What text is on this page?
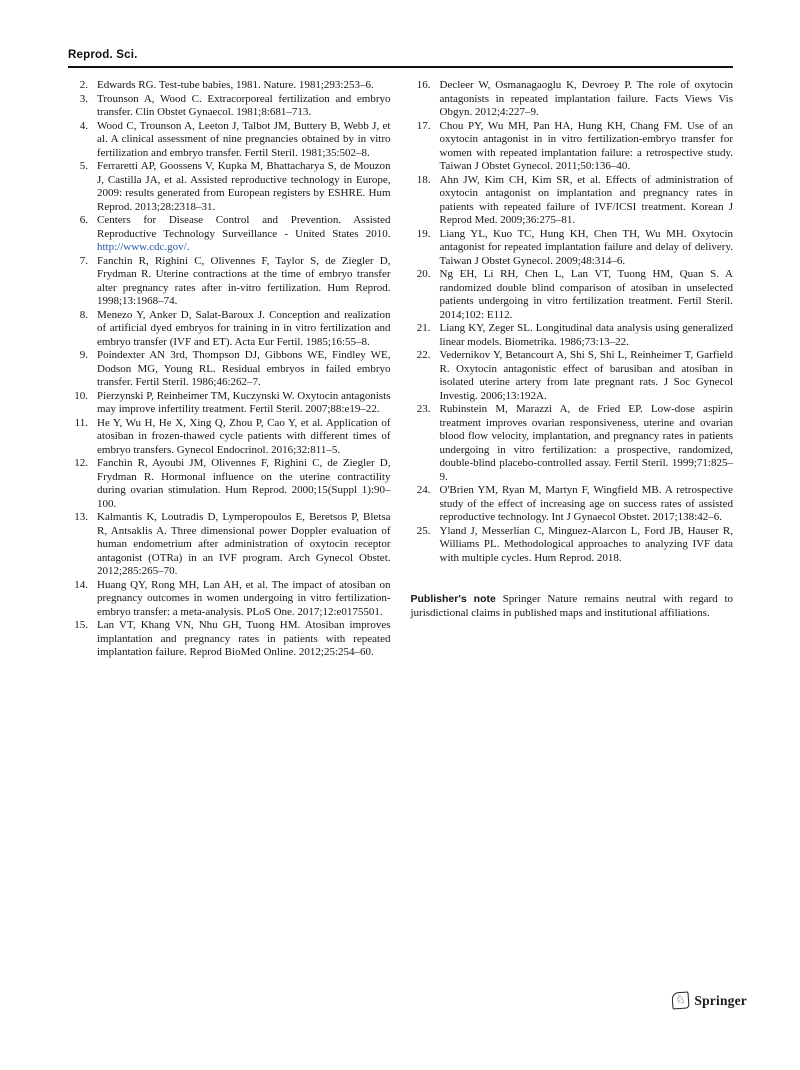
Reprod. Sci.
2. Edwards RG. Test-tube babies, 1981. Nature. 1981;293:253–6.
3. Trounson A, Wood C. Extracorporeal fertilization and embryo transfer. Clin Obstet Gynaecol. 1981;8:681–713.
4. Wood C, Trounson A, Leeton J, Talbot JM, Buttery B, Webb J, et al. A clinical assessment of nine pregnancies obtained by in vitro fertilization and embryo transfer. Fertil Steril. 1981;35:502–8.
5. Ferraretti AP, Goossens V, Kupka M, Bhattacharya S, de Mouzon J, Castilla JA, et al. Assisted reproductive technology in Europe, 2009: results generated from European registers by ESHRE. Hum Reprod. 2013;28:2318–31.
6. Centers for Disease Control and Prevention. Assisted Reproductive Technology Surveillance - United States 2010. http://www.cdc.gov/.
7. Fanchin R, Righini C, Olivennes F, Taylor S, de Ziegler D, Frydman R. Uterine contractions at the time of embryo transfer alter pregnancy rates after in-vitro fertilization. Hum Reprod. 1998;13:1968–74.
8. Menezo Y, Anker D, Salat-Baroux J. Conception and realization of artificial dyed embryos for training in in vitro fertilization and embryo transfer (IVF and ET). Acta Eur Fertil. 1985;16:55–8.
9. Poindexter AN 3rd, Thompson DJ, Gibbons WE, Findley WE, Dodson MG, Young RL. Residual embryos in failed embryo transfer. Fertil Steril. 1986;46:262–7.
10. Pierzynski P, Reinheimer TM, Kuczynski W. Oxytocin antagonists may improve infertility treatment. Fertil Steril. 2007;88:e19–22.
11. He Y, Wu H, He X, Xing Q, Zhou P, Cao Y, et al. Application of atosiban in frozen-thawed cycle patients with different times of embryo transfers. Gynecol Endocrinol. 2016;32:811–5.
12. Fanchin R, Ayoubi JM, Olivennes F, Righini C, de Ziegler D, Frydman R. Hormonal influence on the uterine contractility during ovarian stimulation. Hum Reprod. 2000;15(Suppl 1):90–100.
13. Kalmantis K, Loutradis D, Lymperopoulos E, Beretsos P, Bletsa R, Antsaklis A. Three dimensional power Doppler evaluation of human endometrium after administration of oxytocin receptor antagonist (OTRa) in an IVF program. Arch Gynecol Obstet. 2012;285:265–70.
14. Huang QY, Rong MH, Lan AH, et al. The impact of atosiban on pregnancy outcomes in women undergoing in vitro fertilization-embryo transfer: a meta-analysis. PLoS One. 2017;12:e0175501.
15. Lan VT, Khang VN, Nhu GH, Tuong HM. Atosiban improves implantation and pregnancy rates in patients with repeated implantation failure. Reprod BioMed Online. 2012;25:254–60.
16. Decleer W, Osmanagaoglu K, Devroey P. The role of oxytocin antagonists in repeated implantation failure. Facts Views Vis Obgyn. 2012;4:227–9.
17. Chou PY, Wu MH, Pan HA, Hung KH, Chang FM. Use of an oxytocin antagonist in in vitro fertilization-embryo transfer for women with repeated implantation failure: a retrospective study. Taiwan J Obstet Gynecol. 2011;50:136–40.
18. Ahn JW, Kim CH, Kim SR, et al. Effects of administration of oxytocin antagonist on implantation and pregnancy rates in patients with repeated failure of IVF/ICSI treatment. Korean J Reprod Med. 2009;36:275–81.
19. Liang YL, Kuo TC, Hung KH, Chen TH, Wu MH. Oxytocin antagonist for repeated implantation failure and delay of delivery. Taiwan J Obstet Gynecol. 2009;48:314–6.
20. Ng EH, Li RH, Chen L, Lan VT, Tuong HM, Quan S. A randomized double blind comparison of atosiban in unselected patients undergoing in vitro fertilization treatment. Fertil Steril. 2014;102: E112.
21. Liang KY, Zeger SL. Longitudinal data analysis using generalized linear models. Biometrika. 1986;73:13–22.
22. Vedernikov Y, Betancourt A, Shi S, Shi L, Reinheimer T, Garfield R. Oxytocin antagonistic effect of barusiban and atosiban in isolated uterine artery from late pregnant rats. J Soc Gynecol Investig. 2006;13:192A.
23. Rubinstein M, Marazzi A, de Fried EP. Low-dose aspirin treatment improves ovarian responsiveness, uterine and ovarian blood flow velocity, implantation, and pregnancy rates in patients undergoing in vitro fertilization: a prospective, randomized, double-blind placebo-controlled assay. Fertil Steril. 1999;71:825–9.
24. O'Brien YM, Ryan M, Martyn F, Wingfield MB. A retrospective study of the effect of increasing age on success rates of assisted reproductive technology. Int J Gynaecol Obstet. 2017;138:42–6.
25. Yland J, Messerlian C, Minguez-Alarcon L, Ford JB, Hauser R, Williams PL. Methodological approaches to analyzing IVF data with multiple cycles. Hum Reprod. 2018.
Publisher's note Springer Nature remains neutral with regard to jurisdictional claims in published maps and institutional affiliations.
♘ Springer
